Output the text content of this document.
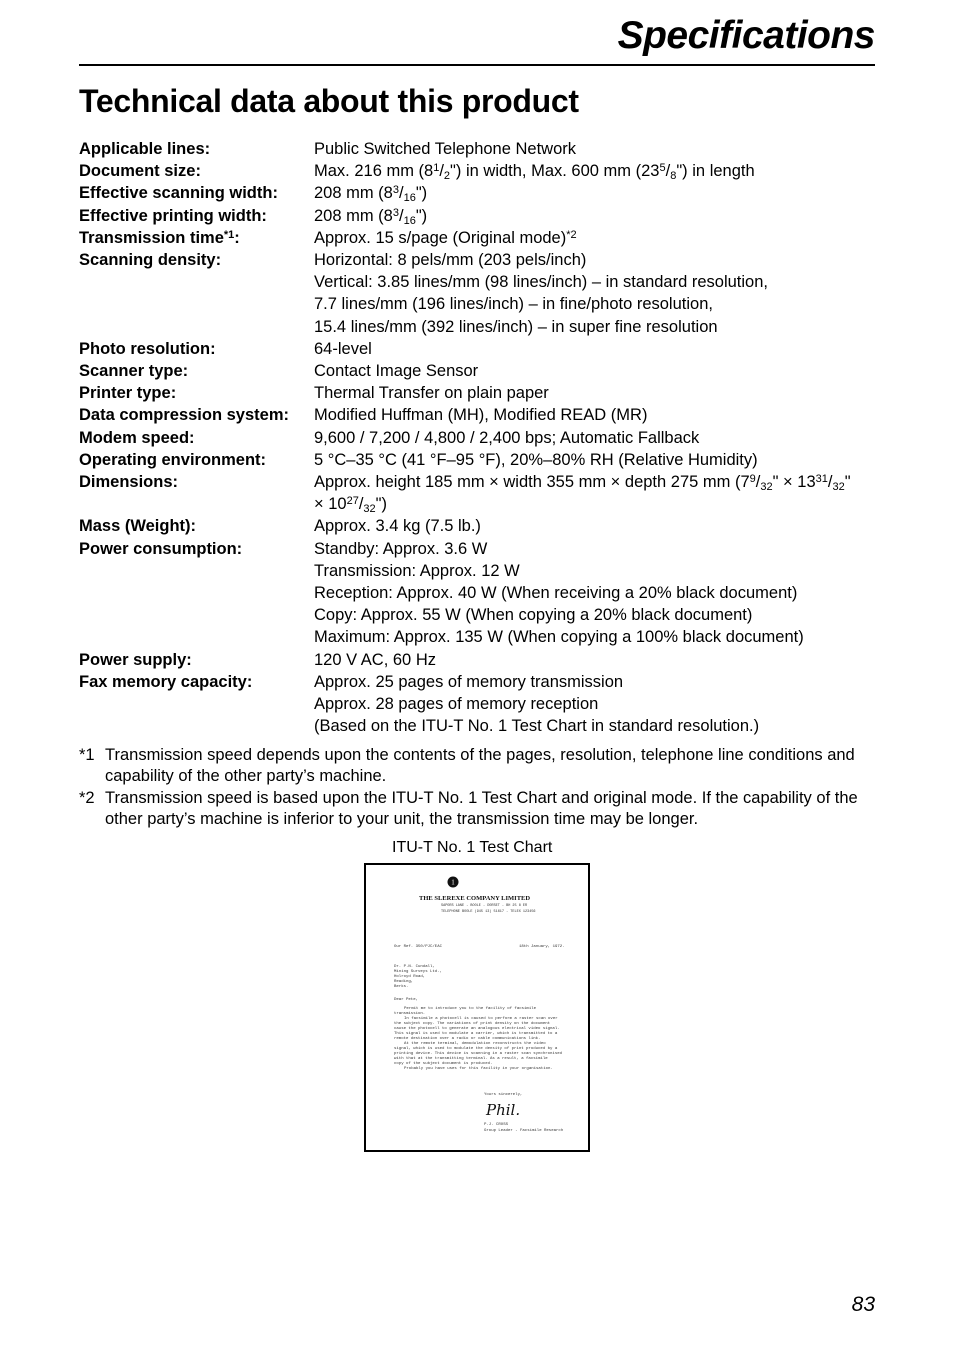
Specifications
Technical data about this product
Applicable lines:	Public Switched Telephone Network
Document size:	Max. 216 mm $(8^1/_2")$ in width, Max. 600 mm $(23^5/_8")$ in length
Effective scanning width:	208 mm $(8^3/_{16}")$
Effective printing width:	208 mm $(8^3/_{16}")$
Transmission time$^{*1}$:	Approx. 15 s/page (Original mode)$^{*2}$
Scanning density:	Horizontal: 8 pels/mm (203 pels/inch)
Vertical: 3.85 lines/mm (98 lines/inch) – in standard resolution,
7.7 lines/mm (196 lines/inch) – in fine/photo resolution,
15.4 lines/mm (392 lines/inch) – in super fine resolution
Photo resolution:	64-level
Scanner type:	Contact Image Sensor
Printer type:	Thermal Transfer on plain paper
Data compression system:	Modified Huffman (MH), Modified READ (MR)
Modem speed:	9,600 / 7,200 / 4,800 / 2,400 bps; Automatic Fallback
Operating environment:	5 °C–35 °C (41 °F–95 °F), 20%–80% RH (Relative Humidity)
Dimensions:	Approx. height 185 mm × width 355 mm × depth 275 mm ($7^9/_{32}$" × $13^{31}/_{32}$"
× $10^{27}/_{32}$")
Mass (Weight):	Approx. 3.4 kg (7.5 lb.)
Power consumption:	Standby: Approx. 3.6 W
Transmission: Approx. 12 W
Reception: Approx. 40 W (When receiving a 20% black document)
Copy: Approx. 55 W (When copying a 20% black document)
Maximum: Approx. 135 W (When copying a 100% black document)
Power supply:	120 V AC, 60 Hz
Fax memory capacity:	Approx. 25 pages of memory transmission
Approx. 28 pages of memory reception
(Based on the ITU-T No. 1 Test Chart in standard resolution.)
*1 Transmission speed depends upon the contents of the pages, resolution, telephone line conditions and capability of the other party’s machine.
*2 Transmission speed is based upon the ITU-T No. 1 Test Chart and original mode. If the capability of the other party’s machine is inferior to your unit, the transmission time may be longer.
ITU-T No. 1 Test Chart
1
THE SLEREXE COMPANY LIMITED
SAPORS LANE - BOOLE - DORSET - BH 25 8 ER
TELEPHONE BOOLE (945 13) 51617 - TELEX 123456
Our Ref. 350/PJC/EAC	18th January, 1972.
Dr. P.N. Cundall,
Mining Surveys Ltd.,
Holroyd Road,
Reading,
Berks.
Dear Pete,
Permit me to introduce you to the facility of facsimile
transmission.
In facsimile a photocell is caused to perform a raster scan over
the subject copy. The variations of print density on the document
cause the photocell to generate an analogous electrical video signal.
This signal is used to modulate a carrier, which is transmitted to a
remote destination over a radio or cable communications link.
At the remote terminal, demodulation reconstructs the video
signal, which is used to modulate the density of print produced by a
printing device. This device is scanning in a raster scan synchronised
with that at the transmitting terminal. As a result, a facsimile
copy of the subject document is produced.
Probably you have uses for this facility in your organisation.
Yours sincerely,
Phil.
P.J. CROSS
Group Leader - Facsimile Research
83
